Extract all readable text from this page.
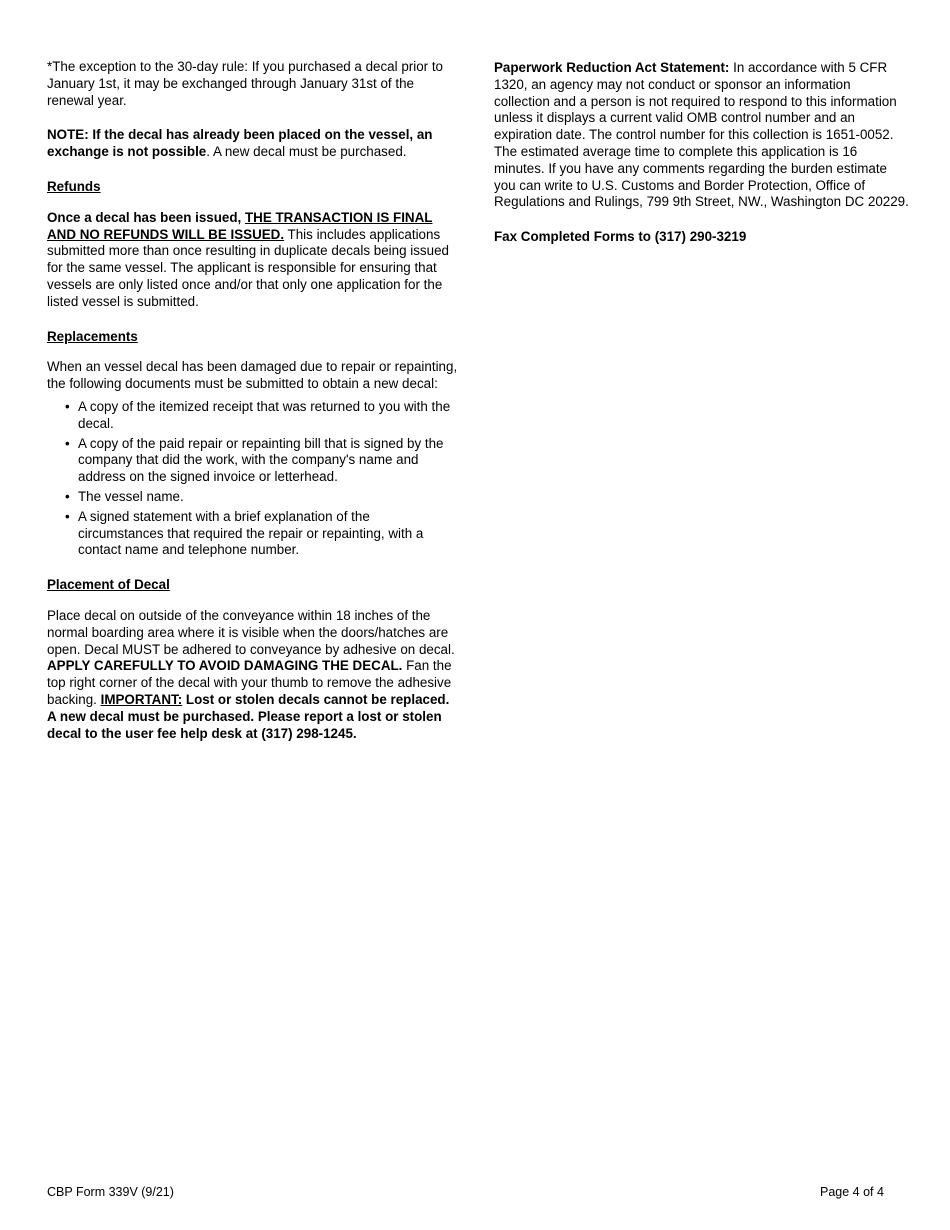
*The exception to the 30-day rule: If you purchased a decal prior to January 1st, it may be exchanged through January 31st of the renewal year.

NOTE: If the decal has already been placed on the vessel, an exchange is not possible. A new decal must be purchased.

Refunds

Once a decal has been issued, THE TRANSACTION IS FINAL AND NO REFUNDS WILL BE ISSUED. This includes applications submitted more than once resulting in duplicate decals being issued for the same vessel. The applicant is responsible for ensuring that vessels are only listed once and/or that only one application for the listed vessel is submitted.

Replacements

When an vessel decal has been damaged due to repair or repainting, the following documents must be submitted to obtain a new decal:

• A copy of the itemized receipt that was returned to you with the decal.
• A copy of the paid repair or repainting bill that is signed by the company that did the work, with the company's name and address on the signed invoice or letterhead.
• The vessel name.
• A signed statement with a brief explanation of the circumstances that required the repair or repainting, with a contact name and telephone number.

Placement of Decal

Place decal on outside of the conveyance within 18 inches of the normal boarding area where it is visible when the doors/hatches are open. Decal MUST be adhered to conveyance by adhesive on decal. APPLY CAREFULLY TO AVOID DAMAGING THE DECAL. Fan the top right corner of the decal with your thumb to remove the adhesive backing. IMPORTANT: Lost or stolen decals cannot be replaced. A new decal must be purchased. Please report a lost or stolen decal to the user fee help desk at (317) 298-1245.

Paperwork Reduction Act Statement: In accordance with 5 CFR 1320, an agency may not conduct or sponsor an information collection and a person is not required to respond to this information unless it displays a current valid OMB control number and an expiration date. The control number for this collection is 1651-0052. The estimated average time to complete this application is 16 minutes. If you have any comments regarding the burden estimate you can write to U.S. Customs and Border Protection, Office of Regulations and Rulings, 799 9th Street, NW., Washington DC 20229.

Fax Completed Forms to (317) 290-3219

CBP Form 339V (9/21)	Page 4 of 4
